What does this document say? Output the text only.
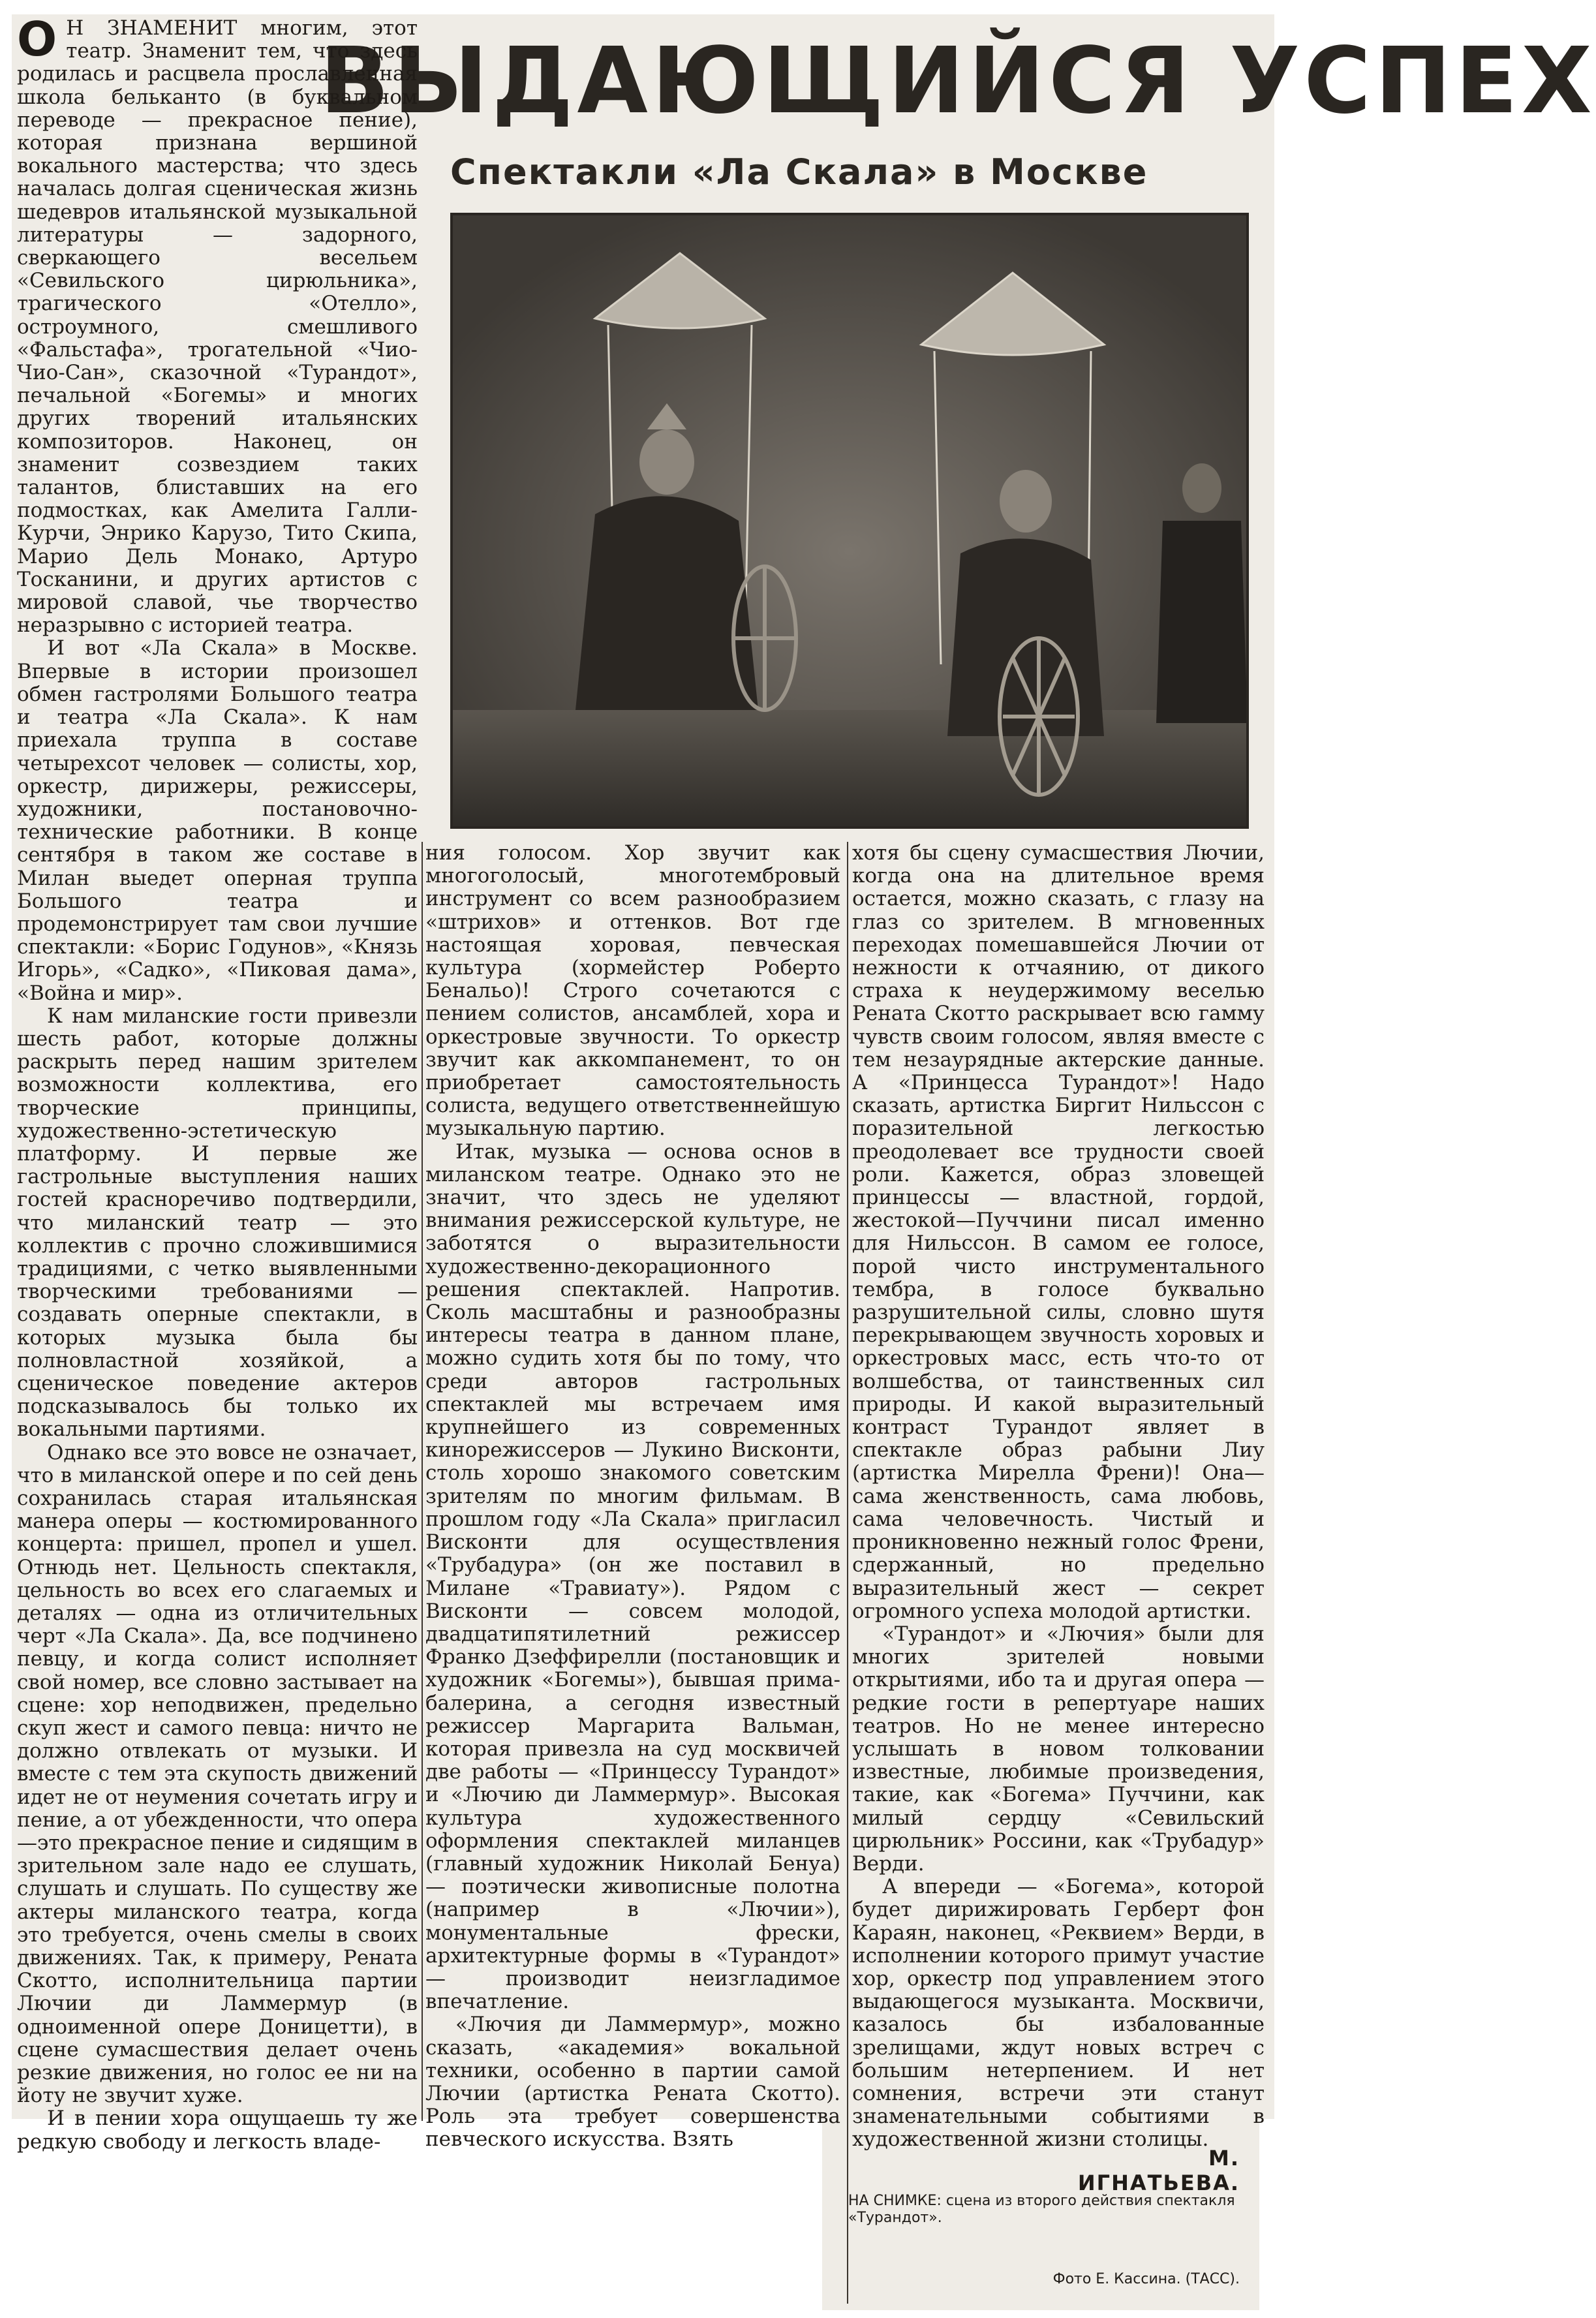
ВЫДАЮЩИЙСЯ УСПЕХ
Спектакли «Ла Скала» в Москве

О Н ЗНАМЕНИТ многим, этот театр. Знаменит тем, что здесь родилась и расцвела прославленная школа бельканто (в буквальном переводе — прекрасное пение), которая признана вершиной вокального мастерства; что здесь началась долгая сценическая жизнь шедевров итальянской музыкальной литературы — задорного, сверкающего весельем «Севильского цирюльника», трагического «Отелло», остроумного, смешливого «Фальстафа», трогательной «Чио-Чио-Сан», сказочной «Турандот», печальной «Богемы» и многих других творений итальянских композиторов. Наконец, он знаменит созвездием таких талантов, блиставших на его подмостках, как Амелита Галли-Курчи, Энрико Карузо, Тито Скипа, Марио Дель Монако, Артуро Тосканини, и других артистов с мировой славой, чье творчество неразрывно с историей театра.

И вот «Ла Скала» в Москве. Впервые в истории произошел обмен гастролями Большого театра и театра «Ла Скала». К нам приехала труппа в составе четырехсот человек — солисты, хор, оркестр, дирижеры, режиссеры, художники, постановочно-технические работники. В конце сентября в таком же составе в Милан выедет оперная труппа Большого театра и продемонстрирует там свои лучшие спектакли: «Борис Годунов», «Князь Игорь», «Садко», «Пиковая дама», «Война и мир».

К нам миланские гости привезли шесть работ, которые должны раскрыть перед нашим зрителем возможности коллектива, его творческие принципы, художественно-эстетическую платформу. И первые же гастрольные выступления наших гостей красноречиво подтвердили, что миланский театр — это коллектив с прочно сложившимися традициями, с четко выявленными творческими требованиями — создавать оперные спектакли, в которых музыка была бы полновластной хозяйкой, а сценическое поведение актеров подсказывалось бы только их вокальными партиями.

Однако все это вовсе не означает, что в миланской опере и по сей день сохранилась старая итальянская манера оперы — костюмированного концерта: пришел, пропел и ушел. Отнюдь нет. Цельность спектакля, цельность во всех его слагаемых и деталях — одна из отличительных черт «Ла Скала». Да, все подчинено певцу, и когда солист исполняет свой номер, все словно застывает на сцене: хор неподвижен, предельно скуп жест и самого певца: ничто не должно отвлекать от музыки. И вместе с тем эта скупость движений идет не от неумения сочетать игру и пение, а от убежденности, что опера—это прекрасное пение и сидящим в зрительном зале надо ее слушать, слушать и слушать. По существу же актеры миланского театра, когда это требуется, очень смелы в своих движениях. Так, к примеру, Рената Скотто, исполнительница партии Лючии ди Ламмермур (в одноименной опере Доницетти), в сцене сумасшествия делает очень резкие движения, но голос ее ни на йоту не звучит хуже.

И в пении хора ощущаешь ту же редкую свободу и легкость владе-

ния голосом. Хор звучит как многоголосый, многотембровый инструмент со всем разнообразием «штрихов» и оттенков. Вот где настоящая хоровая, певческая культура (хормейстер Роберто Бенальо)! Строго сочетаются с пением солистов, ансамблей, хора и оркестровые звучности. То оркестр звучит как аккомпанемент, то он приобретает самостоятельность солиста, ведущего ответственнейшую музыкальную партию.

Итак, музыка — основа основ в миланском театре. Однако это не значит, что здесь не уделяют внимания режиссерской культуре, не заботятся о выразительности художественно-декорационного решения спектаклей. Напротив. Сколь масштабны и разнообразны интересы театра в данном плане, можно судить хотя бы по тому, что среди авторов гастрольных спектаклей мы встречаем имя крупнейшего из современных кинорежиссеров — Лукино Висконти, столь хорошо знакомого советским зрителям по многим фильмам. В прошлом году «Ла Скала» пригласил Висконти для осуществления «Трубадура» (он же поставил в Милане «Травиату»). Рядом с Висконти — совсем молодой, двадцатипятилетний режиссер Франко Дзеффирелли (постановщик и художник «Богемы»), бывшая прима-балерина, а сегодня известный режиссер Маргарита Вальман, которая привезла на суд москвичей две работы — «Принцессу Турандот» и «Лючию ди Ламмермур». Высокая культура художественного оформления спектаклей миланцев (главный художник Николай Бенуа) — поэтически живописные полотна (например в «Лючии»), монументальные фрески, архитектурные формы в «Турандот» — производит неизгладимое впечатление.

«Лючия ди Ламмермур», можно сказать, «академия» вокальной техники, особенно в партии самой Лючии (артистка Рената Скотто). Роль эта требует совершенства певческого искусства. Взять

хотя бы сцену сумасшествия Лючии, когда она на длительное время остается, можно сказать, с глазу на глаз со зрителем. В мгновенных переходах помешавшейся Лючии от нежности к отчаянию, от дикого страха к неудержимому веселью Рената Скотто раскрывает всю гамму чувств своим голосом, являя вместе с тем незаурядные актерские данные. А «Принцесса Турандот»! Надо сказать, артистка Биргит Нильссон с поразительной легкостью преодолевает все трудности своей роли. Кажется, образ зловещей принцессы — властной, гордой, жестокой—Пуччини писал именно для Нильссон. В самом ее голосе, порой чисто инструментального тембра, в голосе буквально разрушительной силы, словно шутя перекрывающем звучность хоровых и оркестровых масс, есть что-то от волшебства, от таинственных сил природы. И какой выразительный контраст Турандот являет в спектакле образ рабыни Лиу (артистка Мирелла Френи)! Она—сама женственность, сама любовь, сама человечность. Чистый и проникновенно нежный голос Френи, сдержанный, но предельно выразительный жест — секрет огромного успеха молодой артистки.

«Турандот» и «Лючия» были для многих зрителей новыми открытиями, ибо та и другая опера — редкие гости в репертуаре наших театров. Но не менее интересно услышать в новом толковании известные, любимые произведения, такие, как «Богема» Пуччини, как милый сердцу «Севильский цирюльник» Россини, как «Трубадур» Верди.

А впереди — «Богема», которой будет дирижировать Герберт фон Караян, наконец, «Реквием» Верди, в исполнении которого примут участие хор, оркестр под управлением этого выдающегося музыканта. Москвичи, казалось бы избалованные зрелищами, ждут новых встреч с большим нетерпением. И нет сомнения, встречи эти станут знаменательными событиями в художественной жизни столицы.

М. ИГНАТЬЕВА.
НА СНИМКЕ: сцена из второго действия спектакля «Турандот».
Фото Е. Кассина. (ТАСС).
